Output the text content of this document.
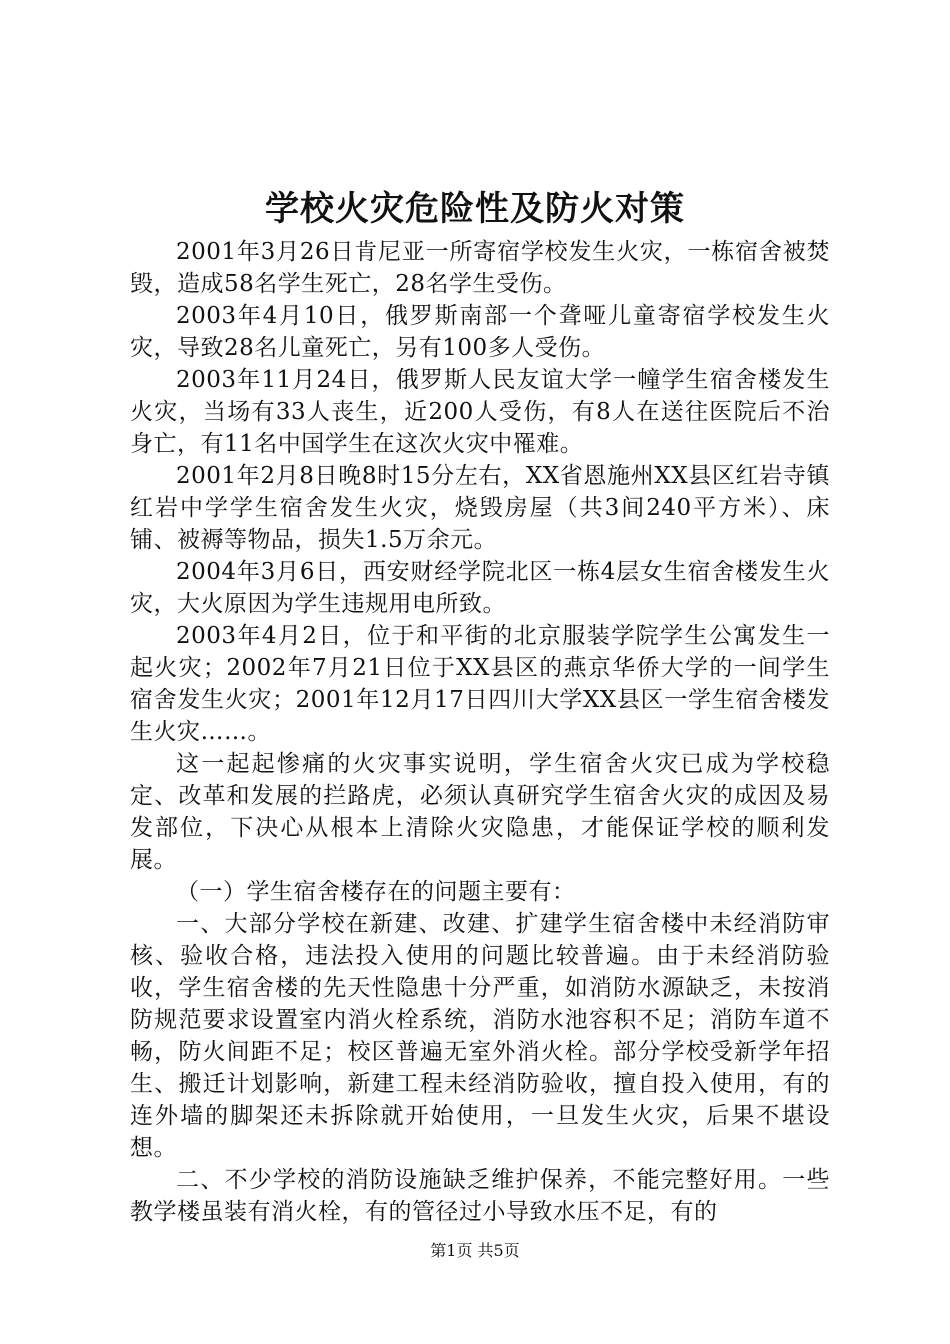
学校火灾危险性及防火对策

2001年3月26日肯尼亚一所寄宿学校发生火灾，一栋宿舍被焚毁，造成58名学生死亡，28名学生受伤。

2003年4月10日，俄罗斯南部一个聋哑儿童寄宿学校发生火灾，导致28名儿童死亡，另有100多人受伤。

2003年11月24日，俄罗斯人民友谊大学一幢学生宿舍楼发生火灾，当场有33人丧生，近200人受伤，有8人在送往医院后不治身亡，有11名中国学生在这次火灾中罹难。

2001年2月8日晚8时15分左右，XX省恩施州XX县区红岩寺镇红岩中学学生宿舍发生火灾，烧毁房屋（共3间240平方米）、床铺、被褥等物品，损失1.5万余元。

2004年3月6日，西安财经学院北区一栋4层女生宿舍楼发生火灾，大火原因为学生违规用电所致。

2003年4月2日，位于和平街的北京服装学院学生公寓发生一起火灾；2002年7月21日位于XX县区的燕京华侨大学的一间学生宿舍发生火灾；2001年12月17日四川大学XX县区一学生宿舍楼发生火灾……。

这一起起惨痛的火灾事实说明，学生宿舍火灾已成为学校稳定、改革和发展的拦路虎，必须认真研究学生宿舍火灾的成因及易发部位，下决心从根本上清除火灾隐患，才能保证学校的顺利发展。

（一）学生宿舍楼存在的问题主要有：

一、大部分学校在新建、改建、扩建学生宿舍楼中未经消防审核、验收合格，违法投入使用的问题比较普遍。由于未经消防验收，学生宿舍楼的先天性隐患十分严重，如消防水源缺乏，未按消防规范要求设置室内消火栓系统，消防水池容积不足；消防车道不畅，防火间距不足；校区普遍无室外消火栓。部分学校受新学年招生、搬迁计划影响，新建工程未经消防验收，擅自投入使用，有的连外墙的脚架还未拆除就开始使用，一旦发生火灾，后果不堪设想。

二、不少学校的消防设施缺乏维护保养，不能完整好用。一些教学楼虽装有消火栓，有的管径过小导致水压不足，有的

第1页 共5页
